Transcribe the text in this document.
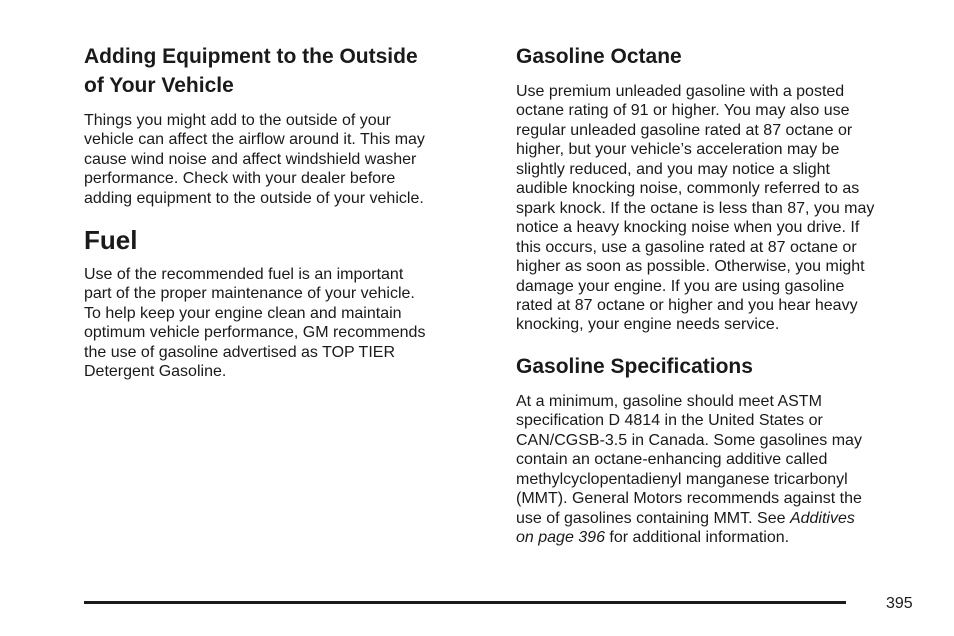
Adding Equipment to the Outside
of Your Vehicle

Things you might add to the outside of your
vehicle can affect the airflow around it. This may
cause wind noise and affect windshield washer
performance. Check with your dealer before
adding equipment to the outside of your vehicle.

Fuel

Use of the recommended fuel is an important
part of the proper maintenance of your vehicle.
To help keep your engine clean and maintain
optimum vehicle performance, GM recommends
the use of gasoline advertised as TOP TIER
Detergent Gasoline.

Gasoline Octane

Use premium unleaded gasoline with a posted
octane rating of 91 or higher. You may also use
regular unleaded gasoline rated at 87 octane or
higher, but your vehicle’s acceleration may be
slightly reduced, and you may notice a slight
audible knocking noise, commonly referred to as
spark knock. If the octane is less than 87, you may
notice a heavy knocking noise when you drive. If
this occurs, use a gasoline rated at 87 octane or
higher as soon as possible. Otherwise, you might
damage your engine. If you are using gasoline
rated at 87 octane or higher and you hear heavy
knocking, your engine needs service.

Gasoline Specifications

At a minimum, gasoline should meet ASTM
specification D 4814 in the United States or
CAN/CGSB-3.5 in Canada. Some gasolines may
contain an octane-enhancing additive called
methylcyclopentadienyl manganese tricarbonyl
(MMT). General Motors recommends against the
use of gasolines containing MMT. See Additives
on page 396 for additional information.

395
